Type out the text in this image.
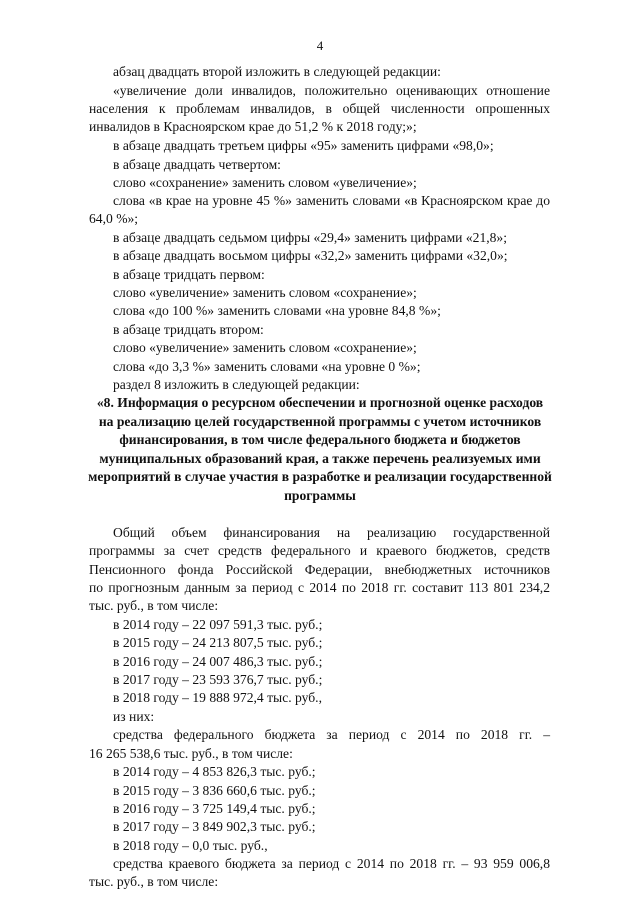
4
абзац двадцать второй изложить в следующей редакции:
«увеличение доли инвалидов, положительно оценивающих отношение
населения к проблемам инвалидов, в общей численности опрошенных
инвалидов в Красноярском крае до 51,2 % к 2018 году;»;
в абзаце двадцать третьем цифры «95» заменить цифрами «98,0»;
в абзаце двадцать четвертом:
слово «сохранение» заменить словом «увеличение»;
слова «в крае на уровне 45 %» заменить словами «в Красноярском крае до
64,0 %»;
в абзаце двадцать седьмом цифры «29,4» заменить цифрами «21,8»;
в абзаце двадцать восьмом цифры «32,2» заменить цифрами «32,0»;
в абзаце тридцать первом:
слово «увеличение» заменить словом «сохранение»;
слова «до 100 %» заменить словами «на уровне 84,8 %»;
в абзаце тридцать втором:
слово «увеличение» заменить словом «сохранение»;
слова «до 3,3 %» заменить словами «на уровне 0 %»;
раздел 8 изложить в следующей редакции:
«8. Информация о ресурсном обеспечении и прогнозной оценке расходов
на реализацию целей государственной программы с учетом источников
финансирования, в том числе федерального бюджета и бюджетов
муниципальных образований края, а также перечень реализуемых ими
мероприятий в случае участия в разработке и реализации государственной
программы
Общий объем финансирования на реализацию государственной
программы за счет средств федерального и краевого бюджетов, средств
Пенсионного фонда Российской Федерации, внебюджетных источников
по прогнозным данным за период с 2014 по 2018 гг. составит 113 801 234,2
тыс. руб., в том числе:
в 2014 году – 22 097 591,3 тыс. руб.;
в 2015 году – 24 213 807,5 тыс. руб.;
в 2016 году – 24 007 486,3 тыс. руб.;
в 2017 году – 23 593 376,7 тыс. руб.;
в 2018 году – 19 888 972,4 тыс. руб.,
из них:
средства федерального бюджета за период с 2014 по 2018 гг. –
16 265 538,6 тыс. руб., в том числе:
в 2014 году – 4 853 826,3 тыс. руб.;
в 2015 году – 3 836 660,6 тыс. руб.;
в 2016 году – 3 725 149,4 тыс. руб.;
в 2017 году – 3 849 902,3 тыс. руб.;
в 2018 году – 0,0 тыс. руб.,
средства краевого бюджета за период с 2014 по 2018 гг. – 93 959 006,8
тыс. руб., в том числе:
